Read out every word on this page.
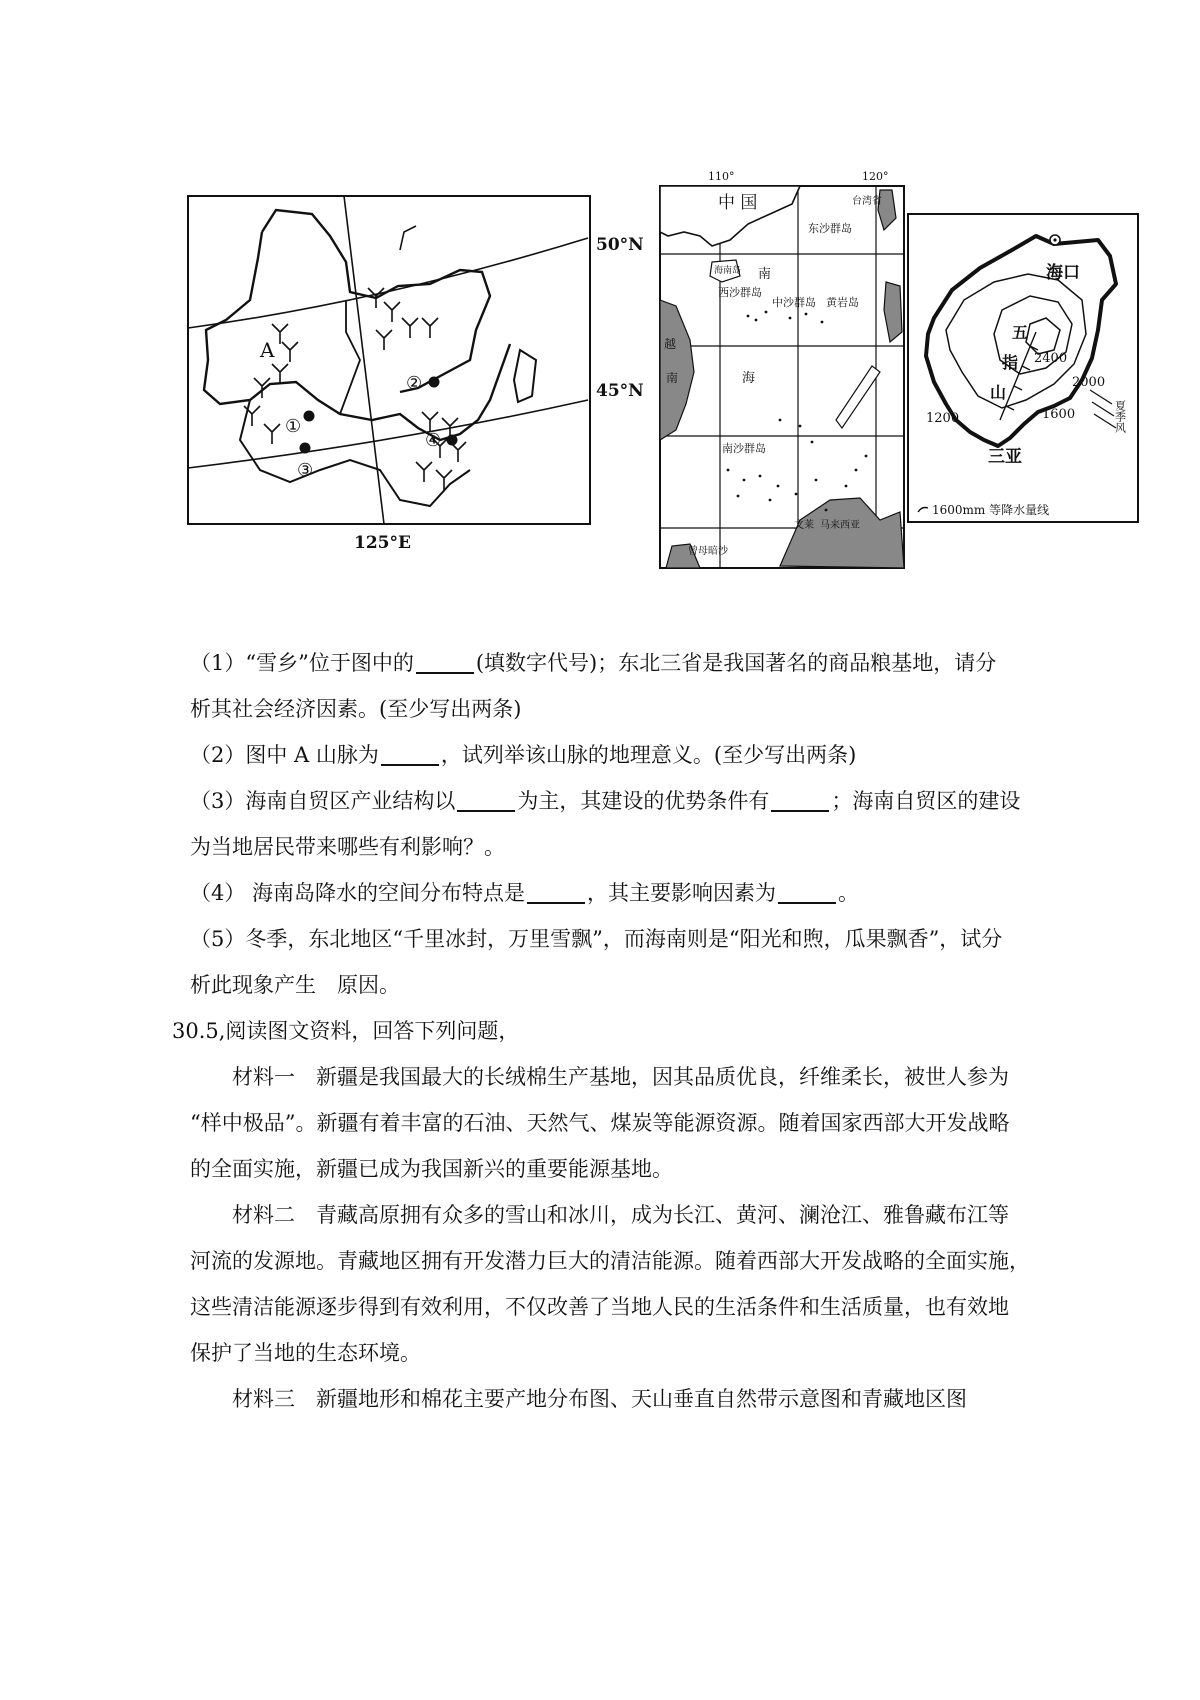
A
①
②
③
④
50°N
45°N
125°E
110°	120°
中 国	台湾省
东沙群岛
海南岛 南
西沙群岛
中沙群岛 黄岩岛
海
南沙群岛
越
南
曾母暗沙
文莱 马来西亚
海口
五
指
山
三亚
2400
2000
1600
1200	夏季风
1600mm 等降水量线

（1）“雪乡”位于图中的	(填数字代号)；东北三省是我国著名的商品粮基地，请分

析其社会经济因素。(至少写出两条)

（2）图中 A 山脉为	，试列举该山脉的地理意义。(至少写出两条)

（3）海南自贸区产业结构以	为主，其建设的优势条件有	；海南自贸区的建设

为当地居民带来哪些有利影响？。

（4） 海南岛降水的空间分布特点是	，其主要影响因素为	。

（5）冬季，东北地区“千里冰封，万里雪飘”，而海南则是“阳光和煦，瓜果飘香”，试分

析此现象产生　原因。

30.5,阅读图文资料，回答下列问题，

材料一　新疆是我国最大的长绒棉生产基地，因其品质优良，纤维柔长，被世人参为

“样中极品”。新疆有着丰富的石油、天然气、煤炭等能源资源。随着国家西部大开发战略

的全面实施，新疆已成为我国新兴的重要能源基地。

材料二　青藏高原拥有众多的雪山和冰川，成为长江、黄河、澜沧江、雅鲁藏布江等

河流的发源地。青藏地区拥有开发潜力巨大的清洁能源。随着西部大开发战略的全面实施，

这些清洁能源逐步得到有效利用，不仅改善了当地人民的生活条件和生活质量，也有效地

保护了当地的生态环境。

材料三　新疆地形和棉花主要产地分布图、天山垂直自然带示意图和青藏地区图
